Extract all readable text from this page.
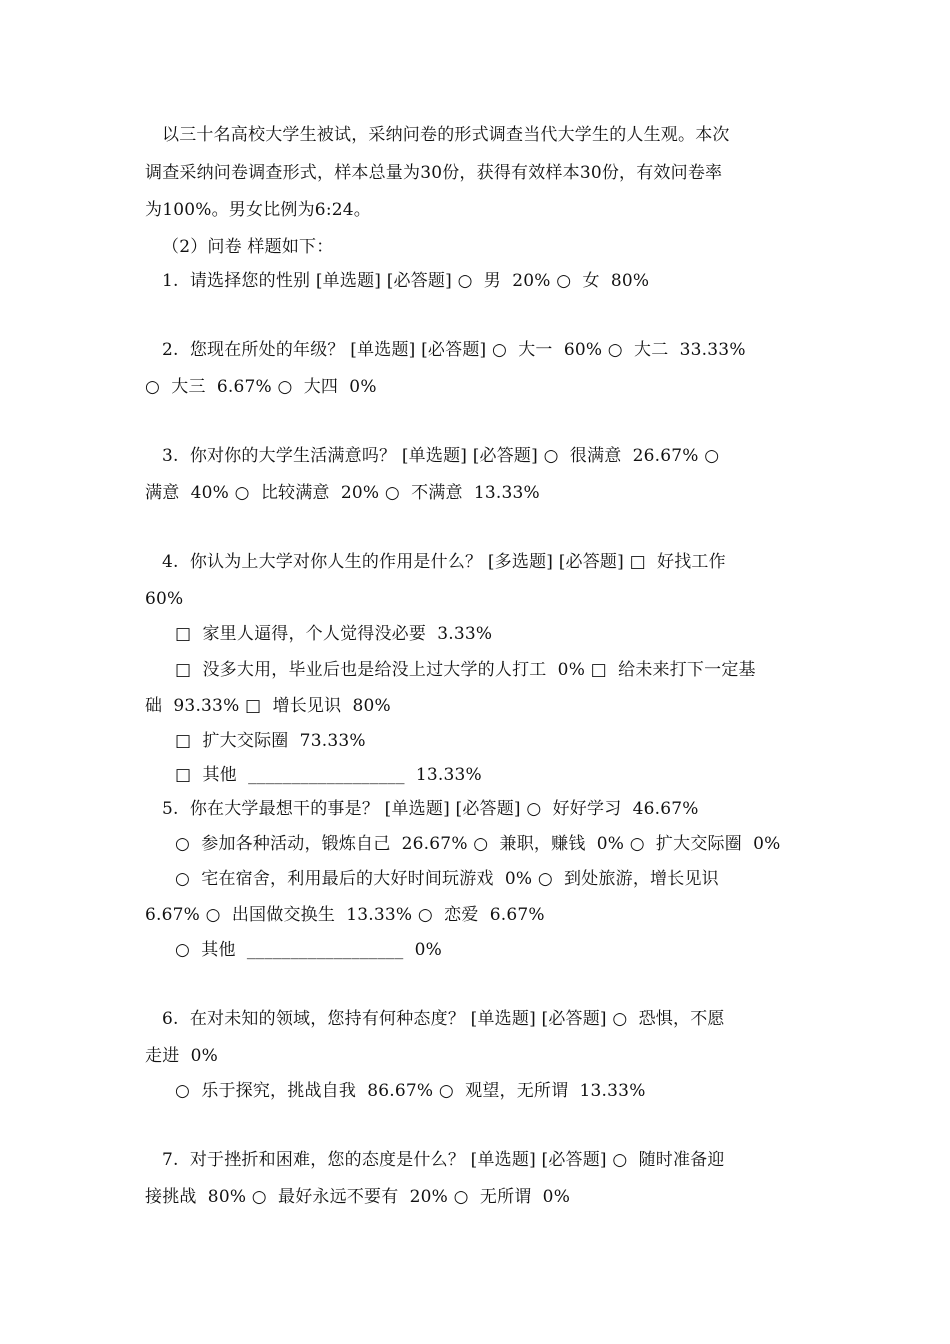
以三十名高校大学生被试，采纳问卷的形式调查当代大学生的人生观。本次
调查采纳问卷调查形式，样本总量为30份，获得有效样本30份，有效问卷率
为100%。男女比例为6:24。
（2）问卷 样题如下：
1.  请选择您的性别 [单选题] [必答题] ○  男  20% ○  女  80%
2.  您现在所处的年级？ [单选题] [必答题] ○  大一  60% ○  大二  33.33%
○  大三  6.67% ○  大四  0%
3.  你对你的大学生活满意吗？ [单选题] [必答题] ○  很满意  26.67% ○
满意  40% ○  比较满意  20% ○  不满意  13.33%
4.  你认为上大学对你人生的作用是什么？ [多选题] [必答题] □  好找工作
60%
□  家里人逼得，个人觉得没必要  3.33%
□  没多大用，毕业后也是给没上过大学的人打工  0% □  给未来打下一定基
础  93.33% □  增长见识  80%
□  扩大交际圈  73.33%
□  其他  __________________  13.33%
5.  你在大学最想干的事是？ [单选题] [必答题] ○  好好学习  46.67%
○  参加各种活动，锻炼自己  26.67% ○  兼职，赚钱  0% ○  扩大交际圈  0%
○  宅在宿舍，利用最后的大好时间玩游戏  0% ○  到处旅游，增长见识
6.67% ○  出国做交换生  13.33% ○  恋爱  6.67%
○  其他  __________________  0%
6.  在对未知的领域，您持有何种态度？ [单选题] [必答题] ○  恐惧，不愿
走进  0%
○  乐于探究，挑战自我  86.67% ○  观望，无所谓  13.33%
7.  对于挫折和困难，您的态度是什么？ [单选题] [必答题] ○  随时准备迎
接挑战  80% ○  最好永远不要有  20% ○  无所谓  0%
